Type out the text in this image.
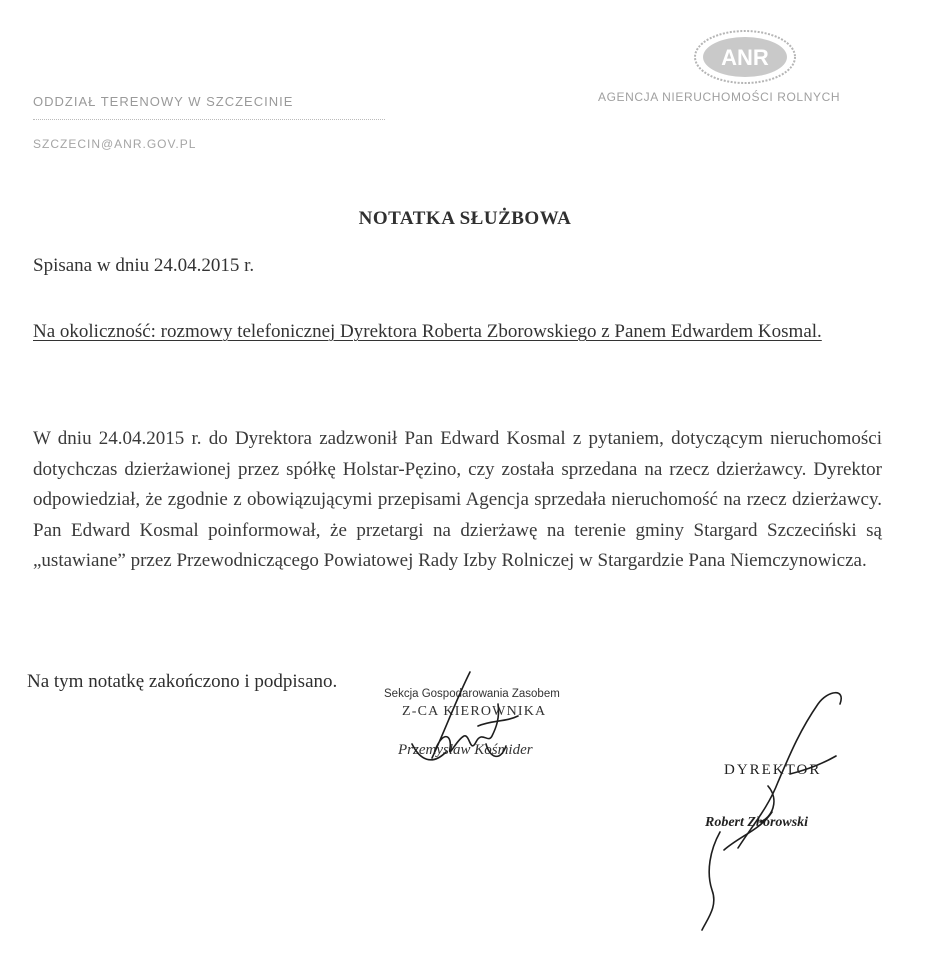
ODDZIAŁ TERENOWY W SZCZECINIE
SZCZECIN@ANR.GOV.PL
AGENCJA NIERUCHOMOŚCI ROLNYCH
ANR
NOTATKA SŁUŻBOWA
Spisana w dniu 24.04.2015 r.
Na okoliczność: rozmowy telefonicznej Dyrektora Roberta Zborowskiego z Panem Edwardem Kosmal.
W dniu 24.04.2015 r. do Dyrektora zadzwonił Pan Edward Kosmal z pytaniem, dotyczącym nieruchomości dotychczas dzierżawionej przez spółkę Holstar-Pęzino, czy została sprzedana na rzecz dzierżawcy. Dyrektor odpowiedział, że zgodnie z obowiązującymi przepisami Agencja sprzedała nieruchomość na rzecz dzierżawcy. Pan Edward Kosmal poinformował, że przetargi na dzierżawę na terenie gminy Stargard Szczeciński są „ustawiane” przez Przewodniczącego Powiatowej Rady Izby Rolniczej w Stargardzie Pana Niemczynowicza.
Na tym notatkę zakończono i podpisano.
Sekcja Gospodarowania Zasobem
Z-CA KIEROWNIKA
Przemysław Kośmider
DYREKTOR
Robert Zborowski
